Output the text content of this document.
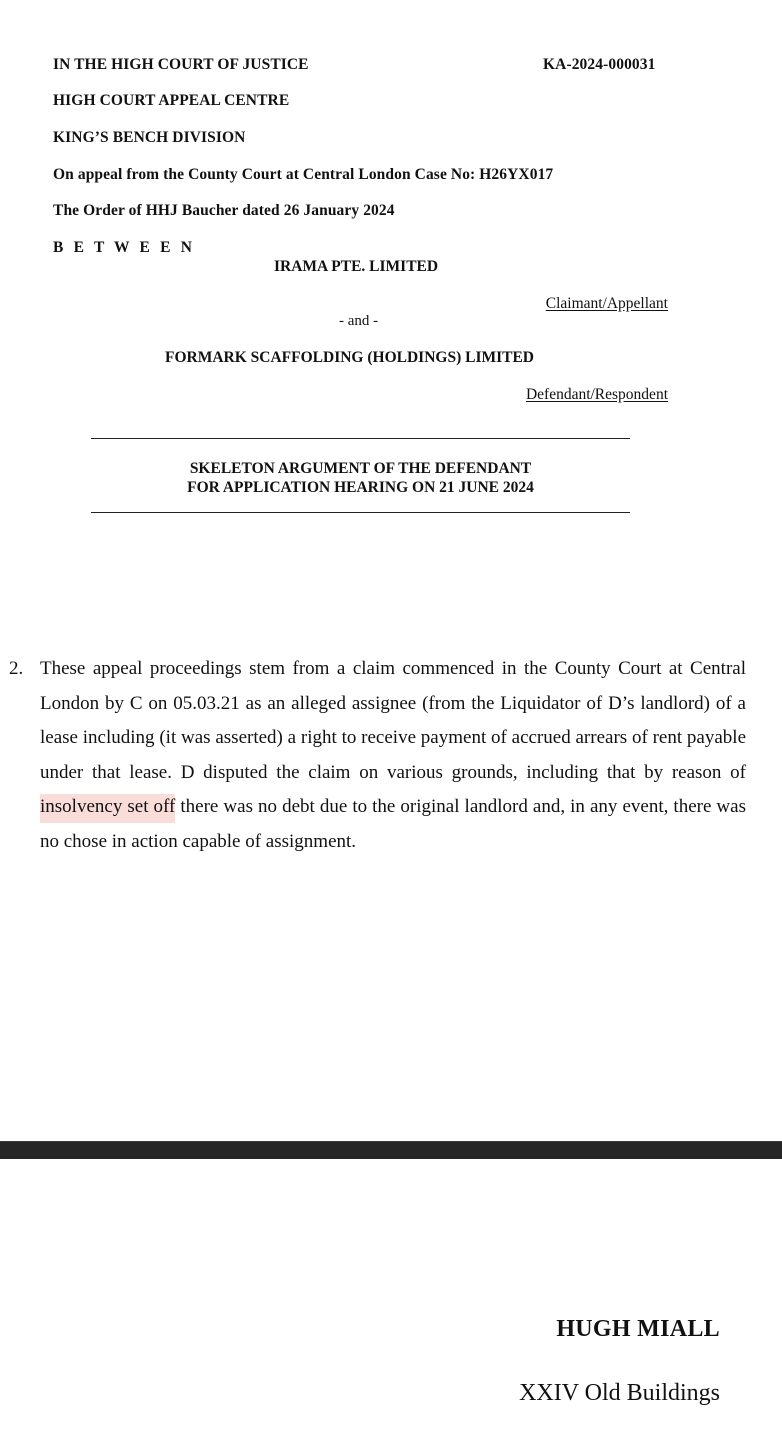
IN THE HIGH COURT OF JUSTICE	KA-2024-000031
HIGH COURT APPEAL CENTRE
KING’S BENCH DIVISION
On appeal from the County Court at Central London Case No: H26YX017
The Order of HHJ Baucher dated 26 January 2024
B E T W E E N
IRAMA PTE. LIMITED
Claimant/Appellant
- and -
FORMARK SCAFFOLDING (HOLDINGS) LIMITED
Defendant/Respondent
SKELETON ARGUMENT OF THE DEFENDANT
FOR APPLICATION HEARING ON 21 JUNE 2024
2. These appeal proceedings stem from a claim commenced in the County Court at Central London by C on 05.03.21 as an alleged assignee (from the Liquidator of D’s landlord) of a lease including (it was asserted) a right to receive payment of accrued arrears of rent payable under that lease. D disputed the claim on various grounds, including that by reason of insolvency set off there was no debt due to the original landlord and, in any event, there was no chose in action capable of assignment.
HUGH MIALL
XXIV Old Buildings
